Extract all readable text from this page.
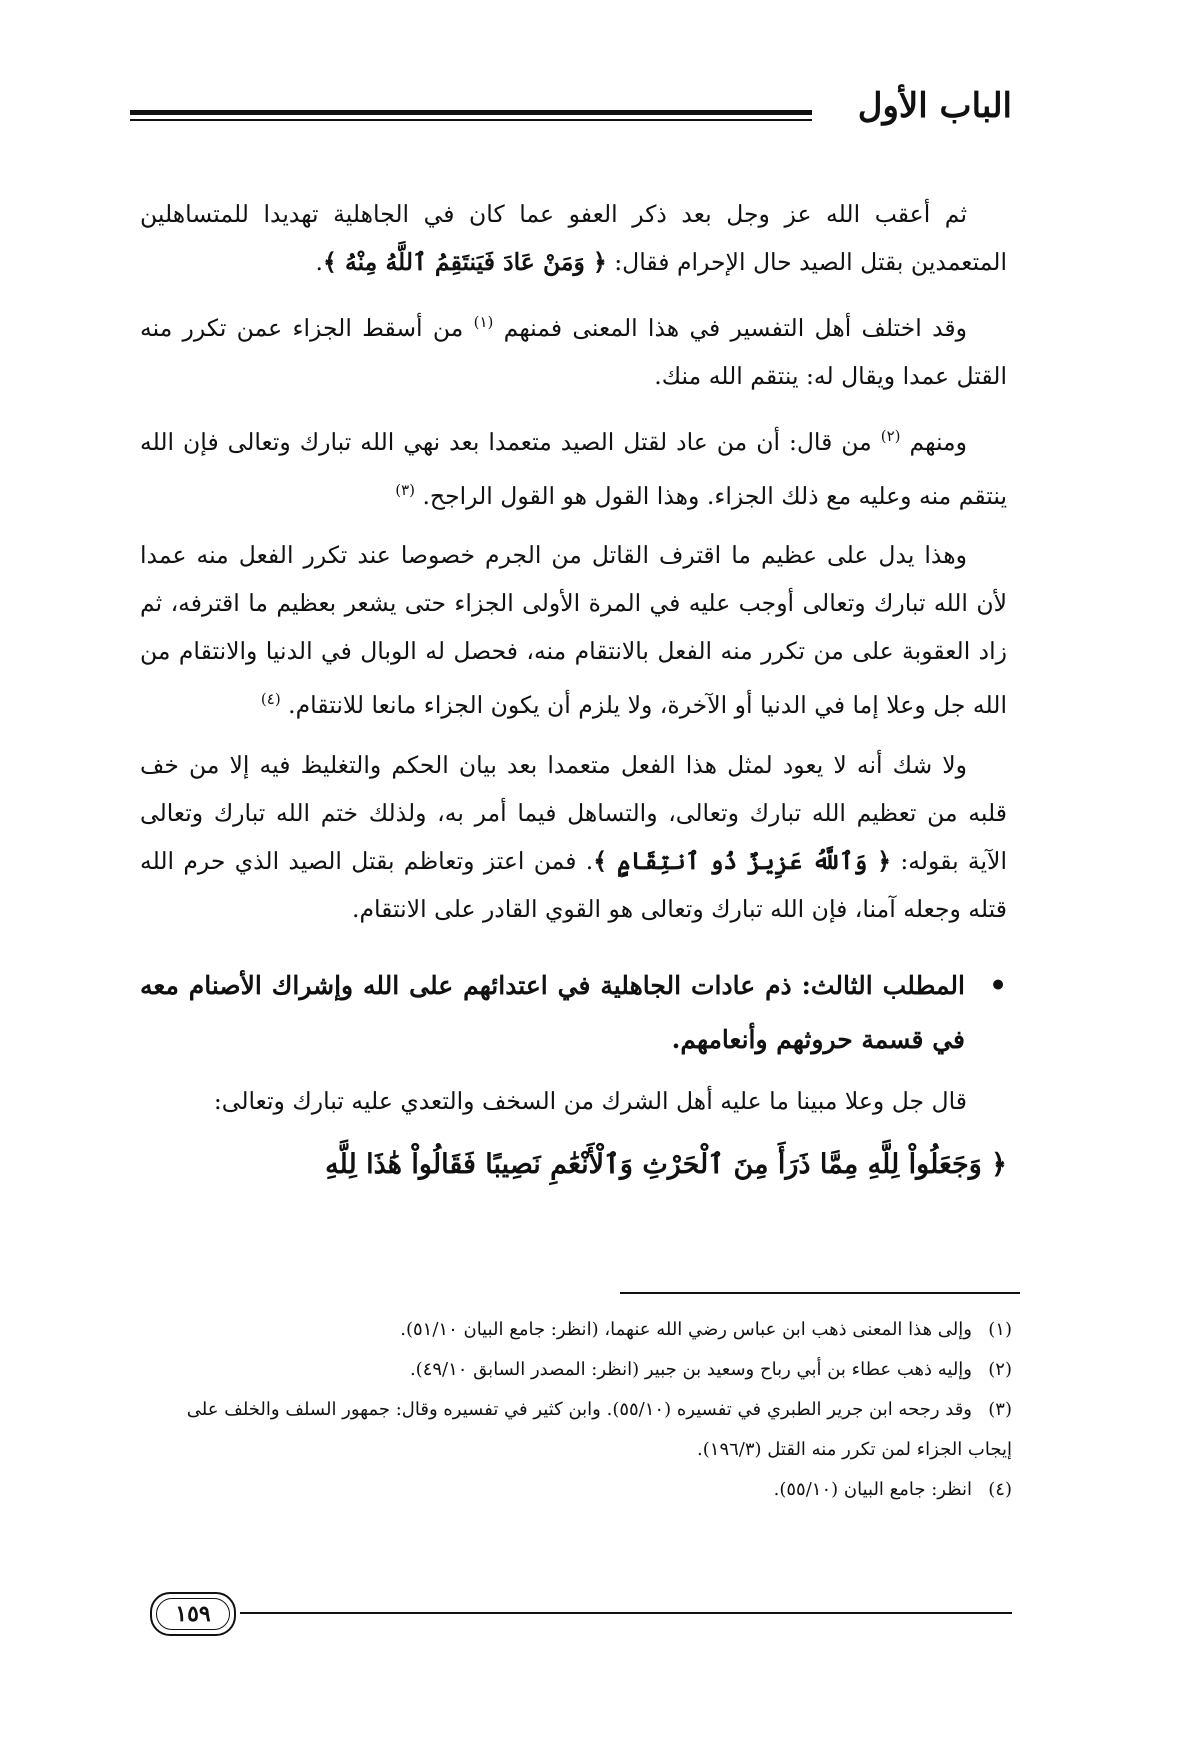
الباب الأول

ثم أعقب الله عز وجل بعد ذكر العفو عما كان في الجاهلية تهديدا للمتساهلين المتعمدين بقتل الصيد حال الإحرام فقال: ﴿ وَمَنْ عَادَ فَيَنتَقِمُ ٱللَّهُ مِنْهُ ﴾.

وقد اختلف أهل التفسير في هذا المعنى فمنهم $^{(١)}$ من أسقط الجزاء عمن تكرر منه القتل عمدا ويقال له: ينتقم الله منك.

ومنهم $^{(٢)}$ من قال: أن من عاد لقتل الصيد متعمدا بعد نهي الله تبارك وتعالى فإن الله ينتقم منه وعليه مع ذلك الجزاء. وهذا القول هو القول الراجح. $^{(٣)}$

وهذا يدل على عظيم ما اقترف القاتل من الجرم خصوصا عند تكرر الفعل منه عمدا لأن الله تبارك وتعالى أوجب عليه في المرة الأولى الجزاء حتى يشعر بعظيم ما اقترفه، ثم زاد العقوبة على من تكرر منه الفعل بالانتقام منه، فحصل له الوبال في الدنيا والانتقام من الله جل وعلا إما في الدنيا أو الآخرة، ولا يلزم أن يكون الجزاء مانعا للانتقام. $^{(٤)}$

ولا شك أنه لا يعود لمثل هذا الفعل متعمدا بعد بيان الحكم والتغليظ فيه إلا من خف قلبه من تعظيم الله تبارك وتعالى، والتساهل فيما أمر به، ولذلك ختم الله تبارك وتعالى الآية بقوله: ﴿ وَٱللَّهُ عَزِيزٌ ذُو ٱنتِقَامٍ ﴾. فمن اعتز وتعاظم بقتل الصيد الذي حرم الله قتله وجعله آمنا، فإن الله تبارك وتعالى هو القوي القادر على الانتقام.

•
المطلب الثالث: ذم عادات الجاهلية في اعتدائهم على الله وإشراك الأصنام معه في قسمة حروثهم وأنعامهم.

قال جل وعلا مبينا ما عليه أهل الشرك من السخف والتعدي عليه تبارك وتعالى:

﴿ وَجَعَلُواْ لِلَّهِ مِمَّا ذَرَأَ مِنَ ٱلْحَرْثِ وَٱلْأَنْعَٰمِ نَصِيبًا فَقَالُواْ هَٰذَا لِلَّهِ

(١)وإلى هذا المعنى ذهب ابن عباس رضي الله عنهما، (انظر: جامع البيان ٥١/١٠).

(٢)وإليه ذهب عطاء بن أبي رباح وسعيد بن جبير (انظر: المصدر السابق ٤٩/١٠).

(٣)وقد رجحه ابن جرير الطبري في تفسيره (٥٥/١٠). وابن كثير في تفسيره وقال: جمهور السلف والخلف على إيجاب الجزاء لمن تكرر منه القتل (١٩٦/٣).

(٤)انظر: جامع البيان (٥٥/١٠).

١٥٩
